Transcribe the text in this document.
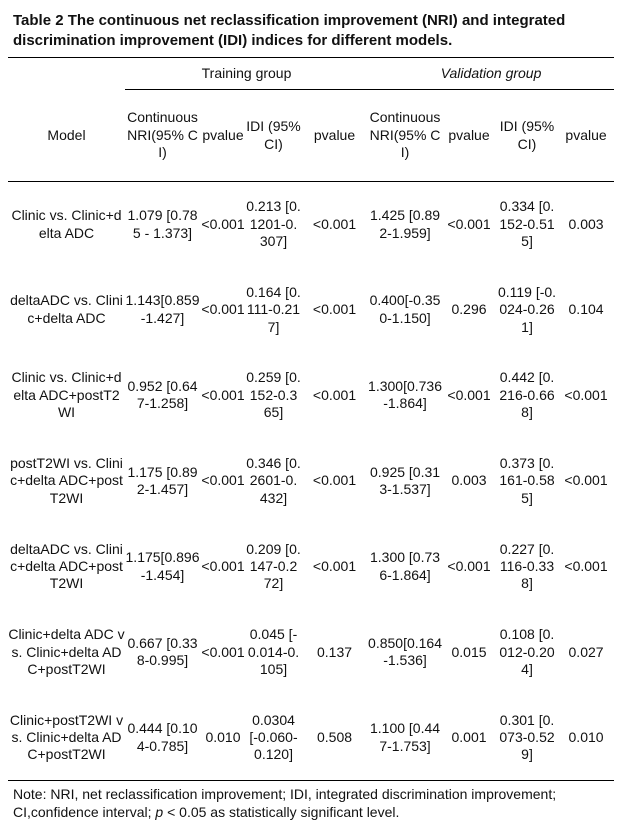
Table 2 The continuous net reclassification improvement (NRI) and integrated discrimination improvement (IDI) indices for different models.

	Training group				Validation group			
Model	Continuous NRI(95% CI)	pvalue	IDI (95% CI)	pvalue	Continuous NRI(95% CI)	pvalue	IDI (95% CI)	pvalue
Clinic vs. Clinic+delta ADC	1.079 [0.785 - 1.373]	<0.001	0.213 [0.1201-0.307]	<0.001	1.425 [0.892-1.959]	<0.001	0.334 [0.152-0.515]	0.003
deltaADC vs. Clinic+delta ADC	1.143[0.859-1.427]	<0.001	0.164 [0.111-0.217]	<0.001	0.400[-0.350-1.150]	0.296	0.119 [-0.024-0.261]	0.104
Clinic vs. Clinic+delta ADC+postT2WI	0.952 [0.647-1.258]	<0.001	0.259 [0.152-0.365]	<0.001	1.300[0.736-1.864]	<0.001	0.442 [0.216-0.668]	<0.001
postT2WI vs. Clinic+delta ADC+postT2WI	1.175 [0.892-1.457]	<0.001	0.346 [0.2601-0.432]	<0.001	0.925 [0.313-1.537]	0.003	0.373 [0.161-0.585]	<0.001
deltaADC vs. Clinic+delta ADC+postT2WI	1.175[0.896-1.454]	<0.001	0.209 [0.147-0.272]	<0.001	1.300 [0.736-1.864]	<0.001	0.227 [0.116-0.338]	<0.001
Clinic+delta ADC vs. Clinic+delta ADC+postT2WI	0.667 [0.338-0.995]	<0.001	0.045 [-0.014-0.105]	0.137	0.850[0.164-1.536]	0.015	0.108 [0.012-0.204]	0.027
Clinic+postT2WI vs. Clinic+delta ADC+postT2WI	0.444 [0.104-0.785]	0.010	0.0304 [-0.060-0.120]	0.508	1.100 [0.447-1.753]	0.001	0.301 [0.073-0.529]	0.010

Note: NRI, net reclassification improvement; IDI, integrated discrimination improvement; CI,confidence interval; p < 0.05 as statistically significant level.
